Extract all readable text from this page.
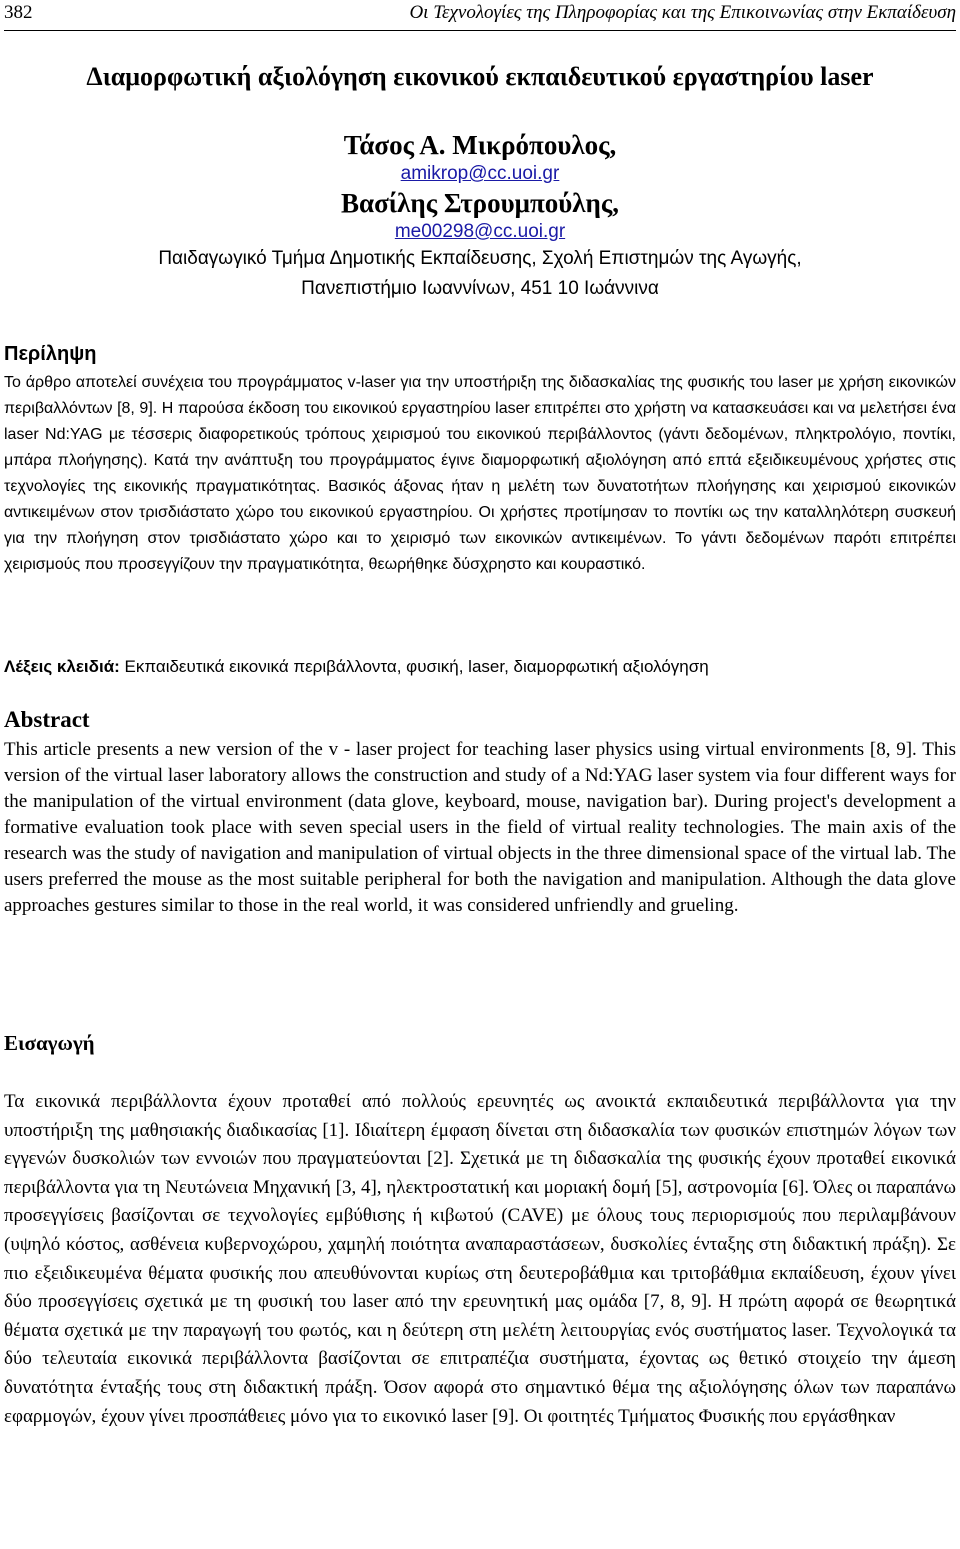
382	Οι Τεχνολογίες της Πληροφορίας και της Επικοινωνίας στην Εκπαίδευση
Διαμορφωτική αξιολόγηση εικονικού εκπαιδευτικού εργαστηρίου laser
Τάσος Α. Μικρόπουλος,
amikrop@cc.uoi.gr
Βασίλης Στρουμπούλης,
me00298@cc.uoi.gr
Παιδαγωγικό Τμήμα Δημοτικής Εκπαίδευσης, Σχολή Επιστημών της Αγωγής,
Πανεπιστήμιο Ιωαννίνων, 451 10 Ιωάννινα
Περίληψη

Το άρθρο αποτελεί συνέχεια του προγράμματος v-laser για την υποστήριξη της διδασκαλίας της φυσικής του laser με χρήση εικονικών περιβαλλόντων [8, 9]. Η παρούσα έκδοση του εικονικού εργαστηρίου laser επιτρέπει στο χρήστη να κατασκευάσει και να μελετήσει ένα laser Nd:YAG με τέσσερις διαφορετικούς τρόπους χειρισμού του εικονικού περιβάλλοντος (γάντι δεδομένων, πληκτρολόγιο, ποντίκι, μπάρα πλοήγησης). Κατά την ανάπτυξη του προγράμματος έγινε διαμορφωτική αξιολόγηση από επτά εξειδικευμένους χρήστες στις τεχνολογίες της εικονικής πραγματικότητας. Βασικός άξονας ήταν η μελέτη των δυνατοτήτων πλοήγησης και χειρισμού εικονικών αντικειμένων στον τρισδιάστατο χώρο του εικονικού εργαστηρίου. Οι χρήστες προτίμησαν το ποντίκι ως την καταλληλότερη συσκευή για την πλοήγηση στον τρισδιάστατο χώρο και το χειρισμό των εικονικών αντικειμένων. Το γάντι δεδομένων παρότι επιτρέπει χειρισμούς που προσεγγίζουν την πραγματικότητα, θεωρήθηκε δύσχρηστο και κουραστικό.

Λέξεις κλειδιά: Εκπαιδευτικά εικονικά περιβάλλοντα, φυσική, laser, διαμορφωτική αξιολόγηση

Abstract

This article presents a new version of the v - laser project for teaching laser physics using virtual environments [8, 9]. This version of the virtual laser laboratory allows the construction and study of a Nd:YAG laser system via four different ways for the manipulation of the virtual environment (data glove, keyboard, mouse, navigation bar). During project's development a formative evaluation took place with seven special users in the field of virtual reality technologies. The main axis of the research was the study of navigation and manipulation of virtual objects in the three dimensional space of the virtual lab. The users preferred the mouse as the most suitable peripheral for both the navigation and manipulation. Although the data glove approaches gestures similar to those in the real world, it was considered unfriendly and grueling.

Εισαγωγή

Τα εικονικά περιβάλλοντα έχουν προταθεί από πολλούς ερευνητές ως ανοικτά εκπαιδευτικά περιβάλλοντα για την υποστήριξη της μαθησιακής διαδικασίας [1]. Ιδιαίτερη έμφαση δίνεται στη διδασκαλία των φυσικών επιστημών λόγων των εγγενών δυσκολιών των εννοιών που πραγματεύονται [2]. Σχετικά με τη διδασκαλία της φυσικής έχουν προταθεί εικονικά περιβάλλοντα για τη Νευτώνεια Μηχανική [3, 4], ηλεκτροστατική και μοριακή δομή [5], αστρονομία [6]. Όλες οι παραπάνω προσεγγίσεις βασίζονται σε τεχνολογίες εμβύθισης ή κιβωτού (CAVE) με όλους τους περιορισμούς που περιλαμβάνουν (υψηλό κόστος, ασθένεια κυβερνοχώρου, χαμηλή ποιότητα αναπαραστάσεων, δυσκολίες ένταξης στη διδακτική πράξη). Σε πιο εξειδικευμένα θέματα φυσικής που απευθύνονται κυρίως στη δευτεροβάθμια και τριτοβάθμια εκπαίδευση, έχουν γίνει δύο προσεγγίσεις σχετικά με τη φυσική του laser από την ερευνητική μας ομάδα [7, 8, 9]. Η πρώτη αφορά σε θεωρητικά θέματα σχετικά με την παραγωγή του φωτός, και η δεύτερη στη μελέτη λειτουργίας ενός συστήματος laser. Τεχνολογικά τα δύο τελευταία εικονικά περιβάλλοντα βασίζονται σε επιτραπέζια συστήματα, έχοντας ως θετικό στοιχείο την άμεση δυνατότητα ένταξής τους στη διδακτική πράξη. Όσον αφορά στο σημαντικό θέμα της αξιολόγησης όλων των παραπάνω εφαρμογών, έχουν γίνει προσπάθειες μόνο για το εικονικό laser [9]. Οι φοιτητές Τμήματος Φυσικής που εργάσθηκαν
